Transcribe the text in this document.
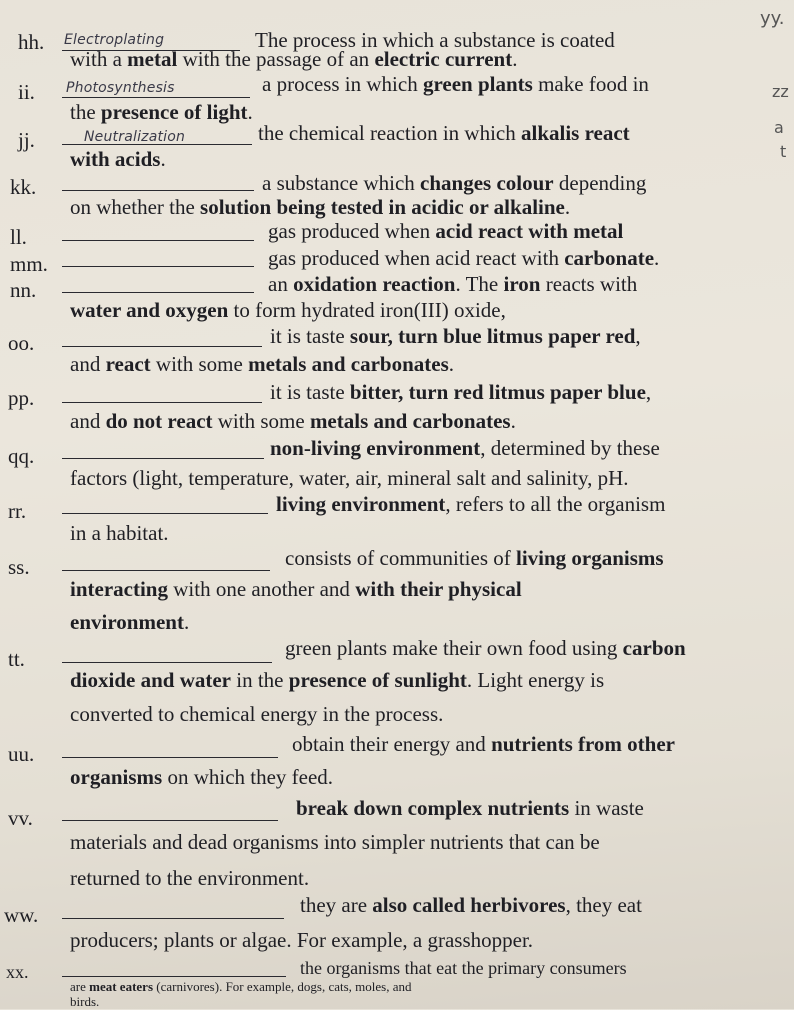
yy.
zz
a
t
hh. Electroplating	The process in which a substance is coated
with a metal with the passage of an electric current.
ii. Photosynthesis	a process in which green plants make food in
the presence of light.
jj.	Neutralization	the chemical reaction in which alkalis react
with acids.
kk.	a substance which changes colour depending
on whether the solution being tested in acidic or alkaline.
ll.	gas produced when acid react with metal
mm.	gas produced when acid react with carbonate.
nn.	an oxidation reaction. The iron reacts with
water and oxygen to form hydrated iron(III) oxide,
oo.	it is taste sour, turn blue litmus paper red,
and react with some metals and carbonates.
pp.	it is taste bitter, turn red litmus paper blue,
and do not react with some metals and carbonates.
qq.	non-living environment, determined by these
factors (light, temperature, water, air, mineral salt and salinity, pH.
rr.	living environment, refers to all the organism
in a habitat.
ss.	consists of communities of living organisms
interacting with one another and with their physical
environment.
tt.	green plants make their own food using carbon
dioxide and water in the presence of sunlight. Light energy is
converted to chemical energy in the process.
uu.	obtain their energy and nutrients from other
organisms on which they feed.
vv.	break down complex nutrients in waste
materials and dead organisms into simpler nutrients that can be
returned to the environment.
ww.	they are also called herbivores, they eat
producers; plants or algae. For example, a grasshopper.
xx.	the organisms that eat the primary consumers
are meat eaters (carnivores). For example, dogs, cats, moles, and
birds.
